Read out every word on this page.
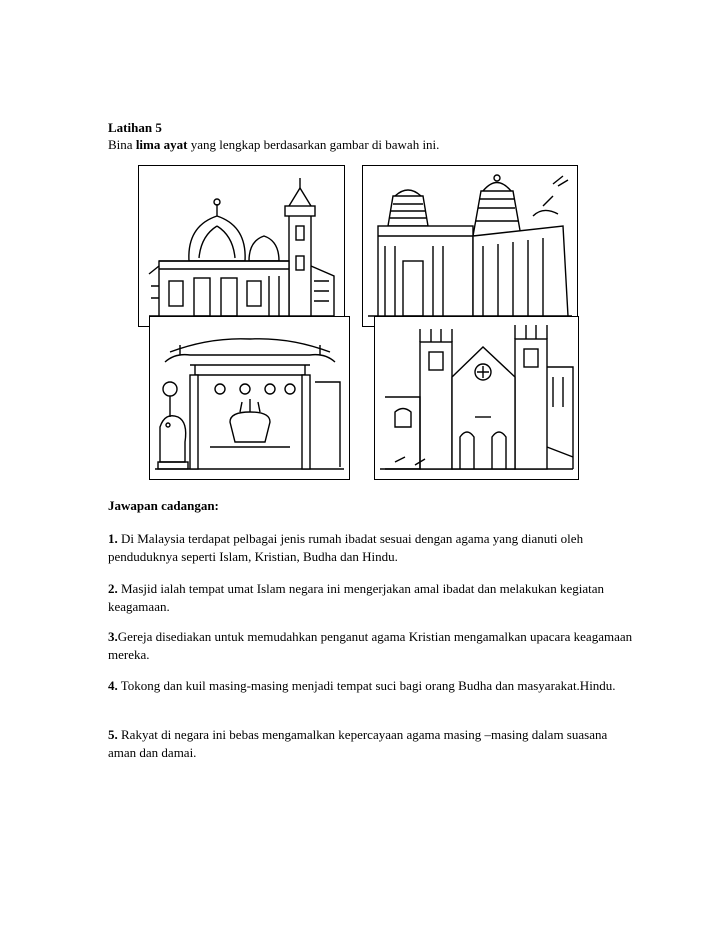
Latihan 5
Bina lima ayat yang lengkap berdasarkan gambar di bawah ini.
Jawapan cadangan:
1. Di Malaysia terdapat pelbagai jenis rumah ibadat sesuai dengan agama yang dianuti oleh penduduknya seperti Islam, Kristian, Budha dan Hindu.
2. Masjid ialah tempat umat Islam negara ini mengerjakan amal ibadat dan melakukan kegiatan keagamaan.
3.Gereja disediakan untuk memudahkan penganut agama Kristian mengamalkan upacara keagamaan mereka.
4. Tokong dan kuil masing-masing menjadi tempat suci bagi orang Budha dan masyarakat.Hindu.
5. Rakyat di negara ini bebas mengamalkan kepercayaan agama masing –masing dalam suasana aman dan damai.
